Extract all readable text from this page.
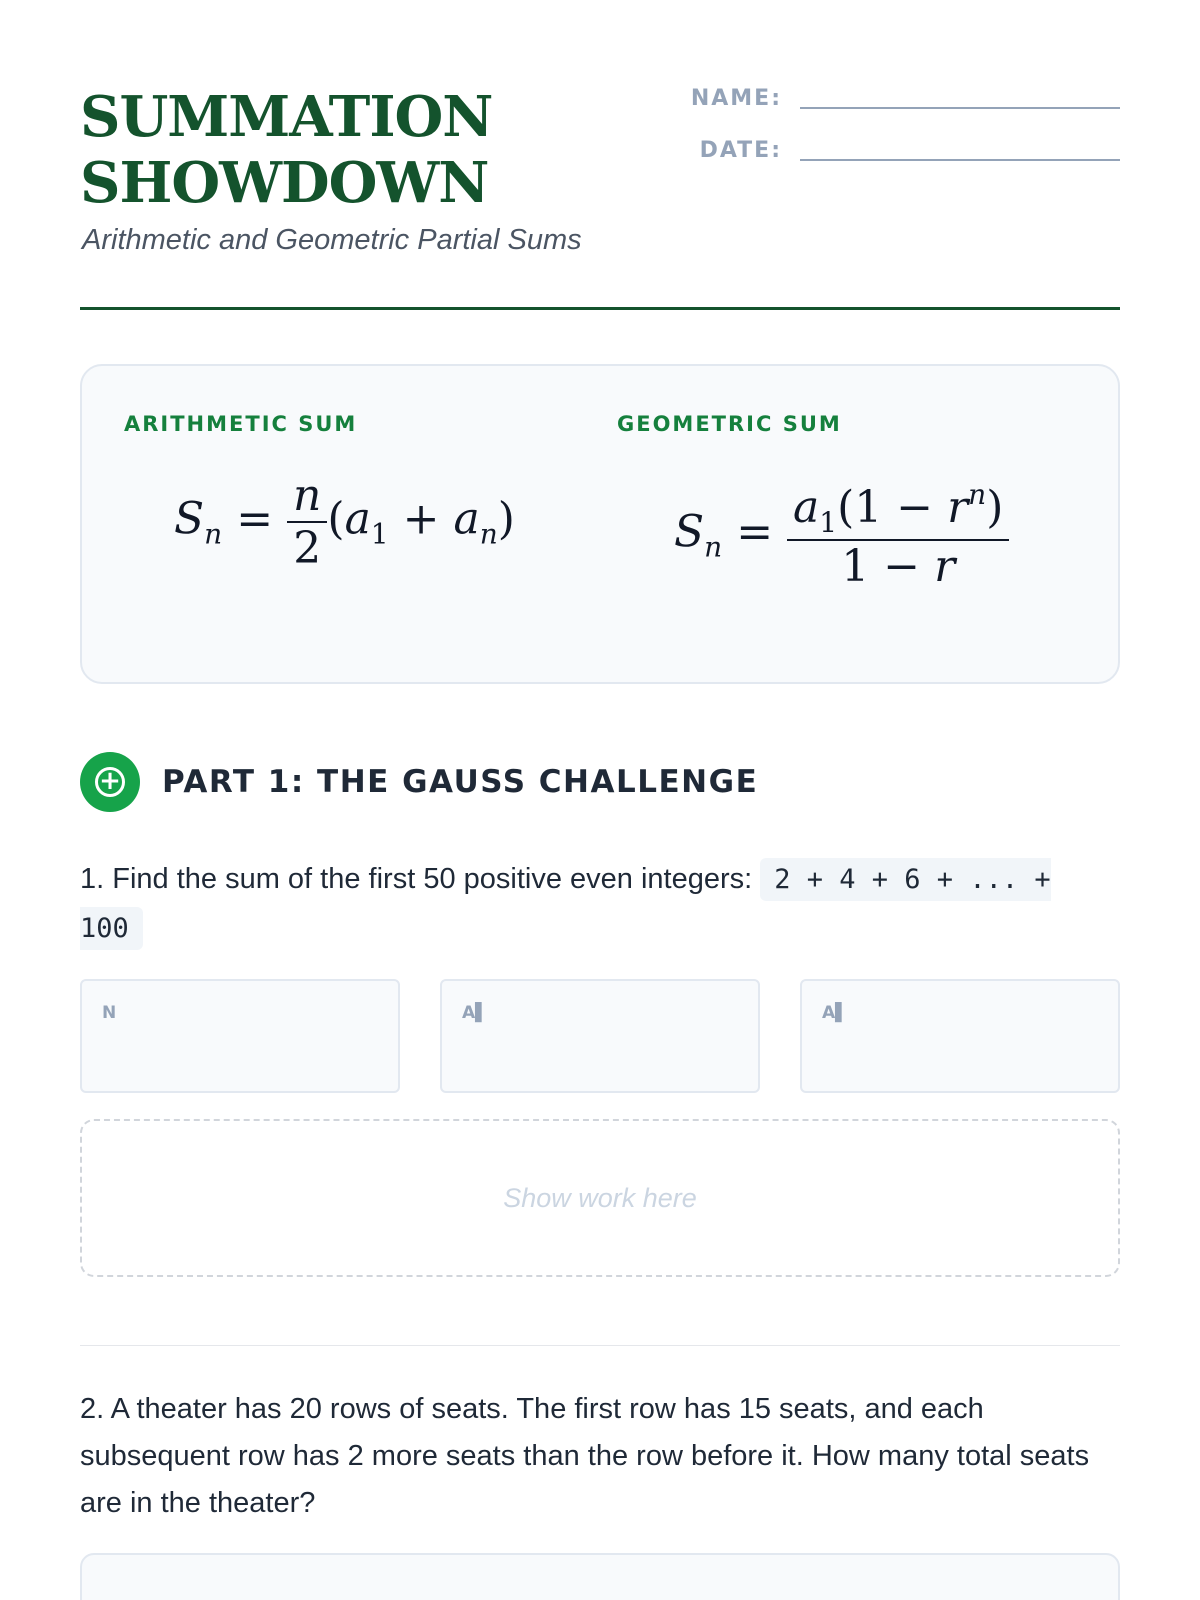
SUMMATION
SHOWDOWN
Arithmetic and Geometric Partial Sums
NAME:
DATE:
ARITHMETIC SUM	GEOMETRIC SUM
$S_n = \frac{n}{2} (a_1 + a_n)$	$S_n = \frac{a_1(1 - r^n)}{1 - r}$
+ PART 1: THE GAUSS CHALLENGE
1. Find the sum of the first 50 positive even integers: 2 + 4 + 6 + ... + 100
N	A▌	A▌
Show work here
2. A theater has 20 rows of seats. The first row has 15 seats, and each subsequent row has 2 more seats than the row before it. How many total seats are in the theater?
